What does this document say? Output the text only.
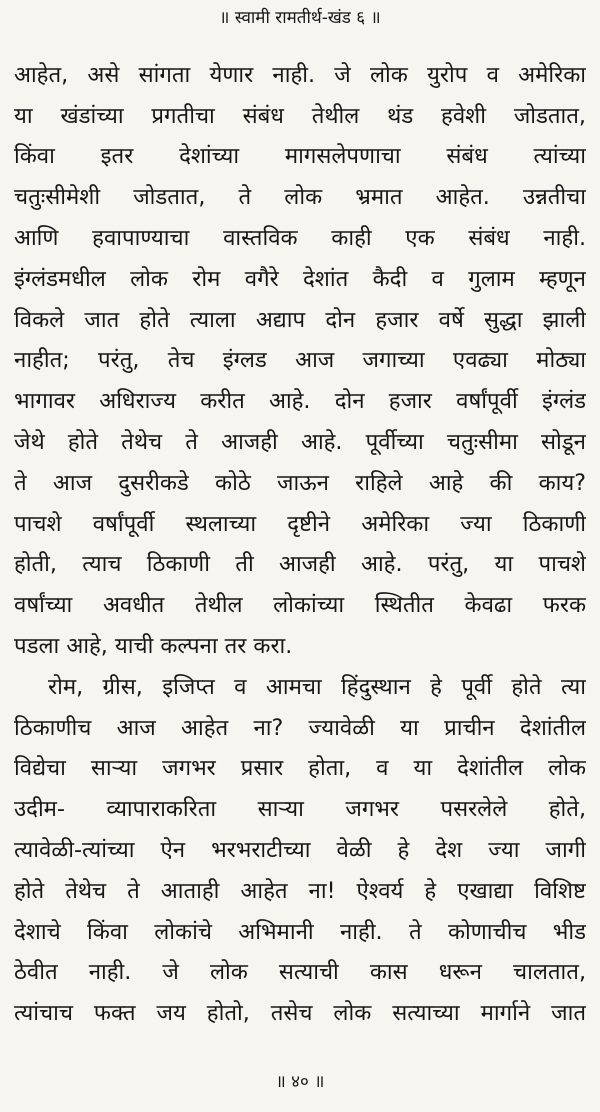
॥ स्वामी रामतीर्थ-खंड ६ ॥
आहेत, असे सांगता येणार नाही. जे लोक युरोप व अमेरिका
या खंडांच्या प्रगतीचा संबंध तेथील थंड हवेशी जोडतात,
किंवा इतर देशांच्या मागसलेपणाचा संबंध त्यांच्या
चतुःसीमेशी जोडतात, ते लोक भ्रमात आहेत. उन्नतीचा
आणि हवापाण्याचा वास्तविक काही एक संबंध नाही.
इंग्लंडमधील लोक रोम वगैरे देशांत कैदी व गुलाम म्हणून
विकले जात होते त्याला अद्याप दोन हजार वर्षे सुद्धा झाली
नाहीत; परंतु, तेच इंग्लड आज जगाच्या एवढ्या मोठ्या
भागावर अधिराज्य करीत आहे. दोन हजार वर्षांपूर्वी इंग्लंड
जेथे होते तेथेच ते आजही आहे. पूर्वीच्या चतुःसीमा सोडून
ते आज दुसरीकडे कोठे जाऊन राहिले आहे की काय?
पाचशे वर्षांपूर्वी स्थलाच्या दृष्टीने अमेरिका ज्या ठिकाणी
होती, त्याच ठिकाणी ती आजही आहे. परंतु, या पाचशे
वर्षांच्या अवधीत तेथील लोकांच्या स्थितीत केवढा फरक
पडला आहे, याची कल्पना तर करा.
रोम, ग्रीस, इजिप्त व आमचा हिंदुस्थान हे पूर्वी होते त्या
ठिकाणीच आज आहेत ना? ज्यावेळी या प्राचीन देशांतील
विद्येचा साऱ्या जगभर प्रसार होता, व या देशांतील लोक
उदीम- व्यापाराकरिता साऱ्या जगभर पसरलेले होते,
त्यावेळी-त्यांच्या ऐन भरभराटीच्या वेळी हे देश ज्या जागी
होते तेथेच ते आताही आहेत ना! ऐश्वर्य हे एखाद्या विशिष्ट
देशाचे किंवा लोकांचे अभिमानी नाही. ते कोणाचीच भीड
ठेवीत नाही. जे लोक सत्याची कास धरून चालतात,
त्यांचाच फक्त जय होतो, तसेच लोक सत्याच्या मार्गाने जात
॥ ४० ॥
